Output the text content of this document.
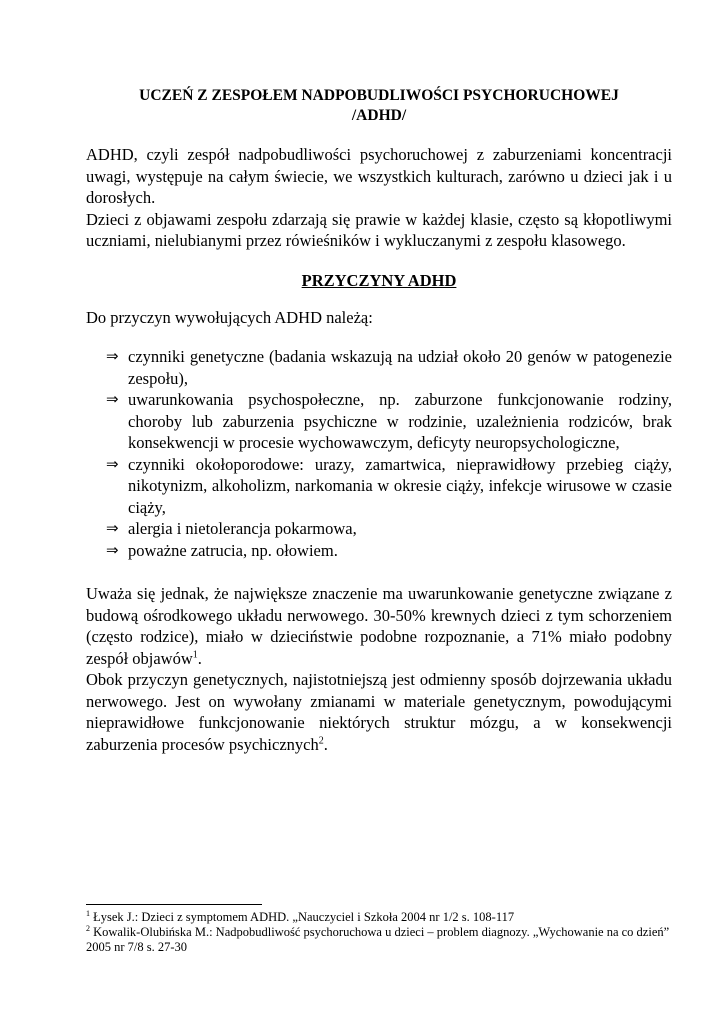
UCZEŃ Z ZESPOŁEM NADPOBUDLIWOŚCI PSYCHORUCHOWEJ
/ADHD/

ADHD, czyli zespół nadpobudliwości psychoruchowej z zaburzeniami koncentracji uwagi, występuje na całym świecie, we wszystkich kulturach, zarówno u dzieci jak i u dorosłych.

Dzieci z objawami zespołu zdarzają się prawie w każdej klasie, często są kłopotliwymi uczniami, nielubianymi przez rówieśników i wykluczanymi z zespołu klasowego.

PRZYCZYNY ADHD

Do przyczyn wywołujących ADHD należą:

⇒ czynniki genetyczne (badania wskazują na udział około 20 genów w patogenezie zespołu),
⇒ uwarunkowania psychospołeczne, np. zaburzone funkcjonowanie rodziny, choroby lub zaburzenia psychiczne w rodzinie, uzależnienia rodziców, brak konsekwencji w procesie wychowawczym, deficyty neuropsychologiczne,
⇒ czynniki okołoporodowe: urazy, zamartwica, nieprawidłowy przebieg ciąży, nikotynizm, alkoholizm, narkomania w okresie ciąży, infekcje wirusowe w czasie ciąży,
⇒ alergia i nietolerancja pokarmowa,
⇒ poważne zatrucia, np. ołowiem.

Uważa się jednak, że największe znaczenie ma uwarunkowanie genetyczne związane z budową ośrodkowego układu nerwowego. 30-50% krewnych dzieci z tym schorzeniem (często rodzice), miało w dzieciństwie podobne rozpoznanie, a 71% miało podobny zespół objawów$^1$.

Obok przyczyn genetycznych, najistotniejszą jest odmienny sposób dojrzewania układu nerwowego. Jest on wywołany zmianami w materiale genetycznym, powodującymi nieprawidłowe funkcjonowanie niektórych struktur mózgu, a w konsekwencji zaburzenia procesów psychicznych$^2$.

$^1$ Łysek J.: Dzieci z symptomem ADHD. „Nauczyciel i Szkoła 2004 nr 1/2 s. 108-117
$^2$ Kowalik-Olubińska M.: Nadpobudliwość psychoruchowa u dzieci – problem diagnozy. „Wychowanie na co dzień” 2005 nr 7/8 s. 27-30
